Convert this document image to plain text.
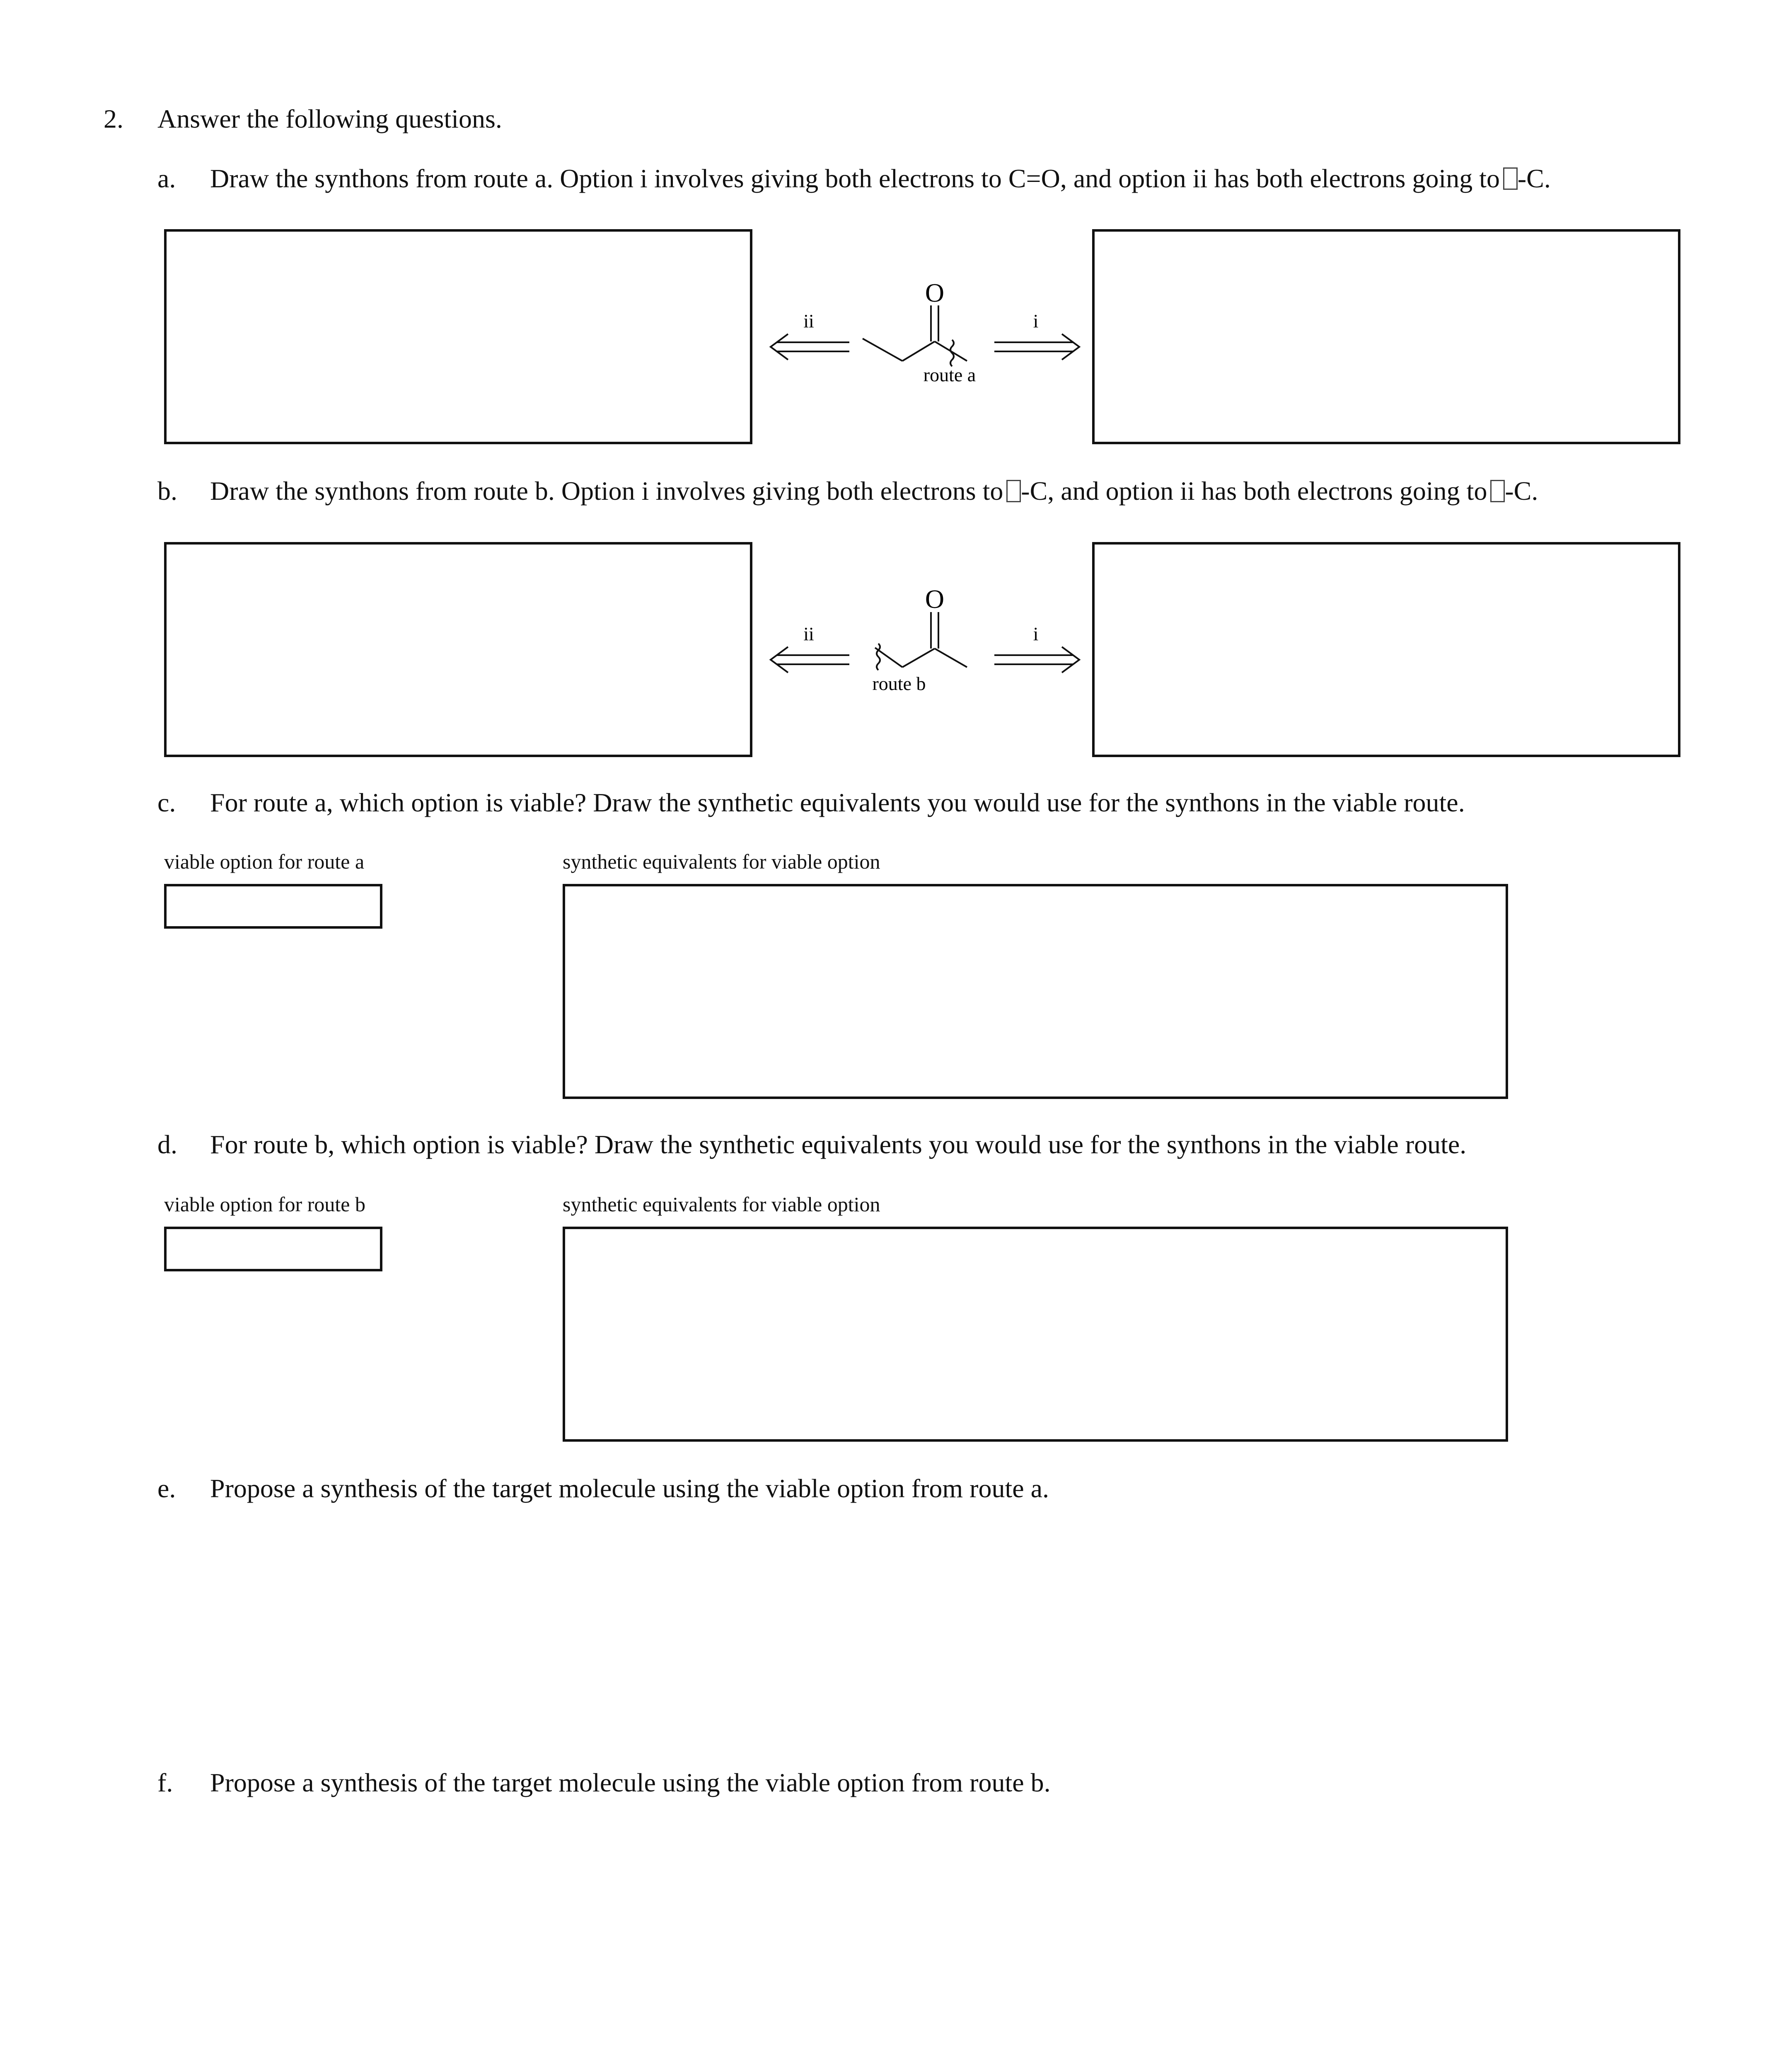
2. Answer the following questions.
a. Draw the synthons from route a. Option i involves giving both electrons to C=O, and option ii has both electrons going to -C.
ii
O
route a
i
b. Draw the synthons from route b. Option i involves giving both electrons to -C, and option ii has both electrons going to -C.
ii
O
route b
i
c. For route a, which option is viable? Draw the synthetic equivalents you would use for the synthons in the viable route.
viable option for route a	synthetic equivalents for viable option
d. For route b, which option is viable? Draw the synthetic equivalents you would use for the synthons in the viable route.
viable option for route b	synthetic equivalents for viable option
e. Propose a synthesis of the target molecule using the viable option from route a.
f. Propose a synthesis of the target molecule using the viable option from route b.
